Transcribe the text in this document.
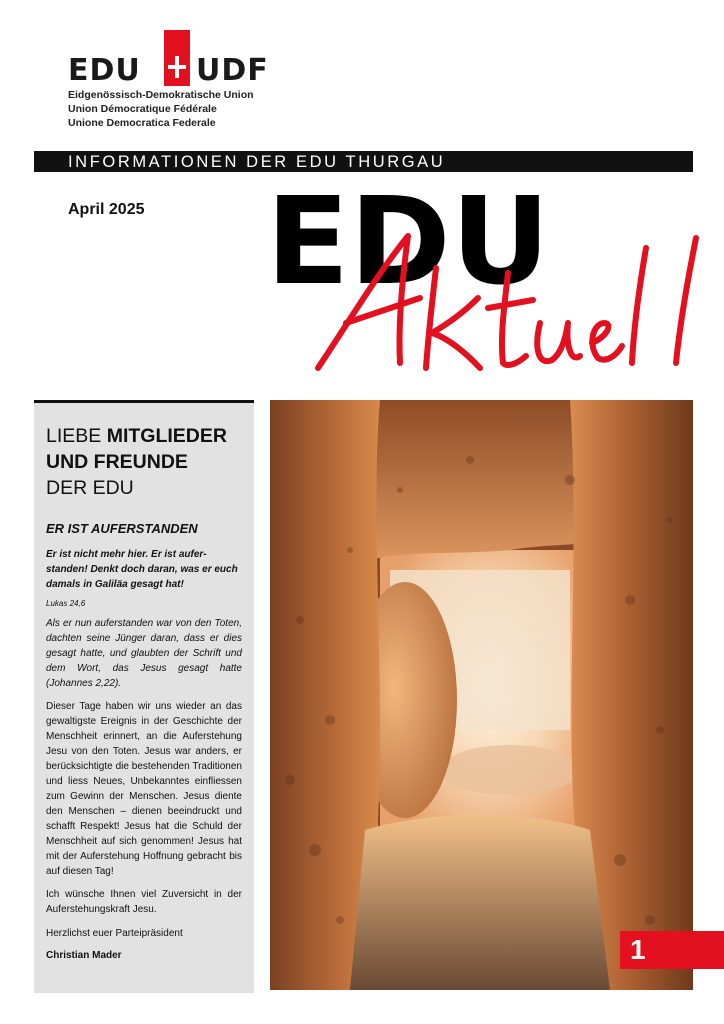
EDU UDF
Eidgenössisch-Demokratische Union
Union Démocratique Fédérale
Unione Democratica Federale
INFORMATIONEN DER EDU THURGAU
April 2025 EDU
LIEBE MITGLIEDER UND FREUNDE
DER EDU
ER IST AUFERSTANDEN
Er ist nicht mehr hier. Er ist auferstanden! Denkt doch daran, was er euch damals in Galiläa gesagt hat!
Lukas 24,6
Als er nun auferstanden war von den Toten, dachten seine Jünger daran, dass er dies gesagt hatte, und glaubten der Schrift und dem Wort, das Jesus gesagt hatte (Johannes 2,22).
Dieser Tage haben wir uns wieder an das gewaltigste Ereignis in der Geschichte der Menschheit erinnert, an die Auferstehung Jesu von den Toten. Jesus war anders, er berücksichtigte die bestehenden Traditionen und liess Neues, Unbekanntes einfliessen zum Gewinn der Menschen. Jesus diente den Menschen – dienen beeindruckt und schafft Respekt! Jesus hat die Schuld der Menschheit auf sich genommen! Jesus hat mit der Auferstehung Hoffnung gebracht bis auf diesen Tag!
Ich wünsche Ihnen viel Zuversicht in der Auferstehungskraft Jesu.
Herzlichst euer Parteipräsident
Christian Mader	1
